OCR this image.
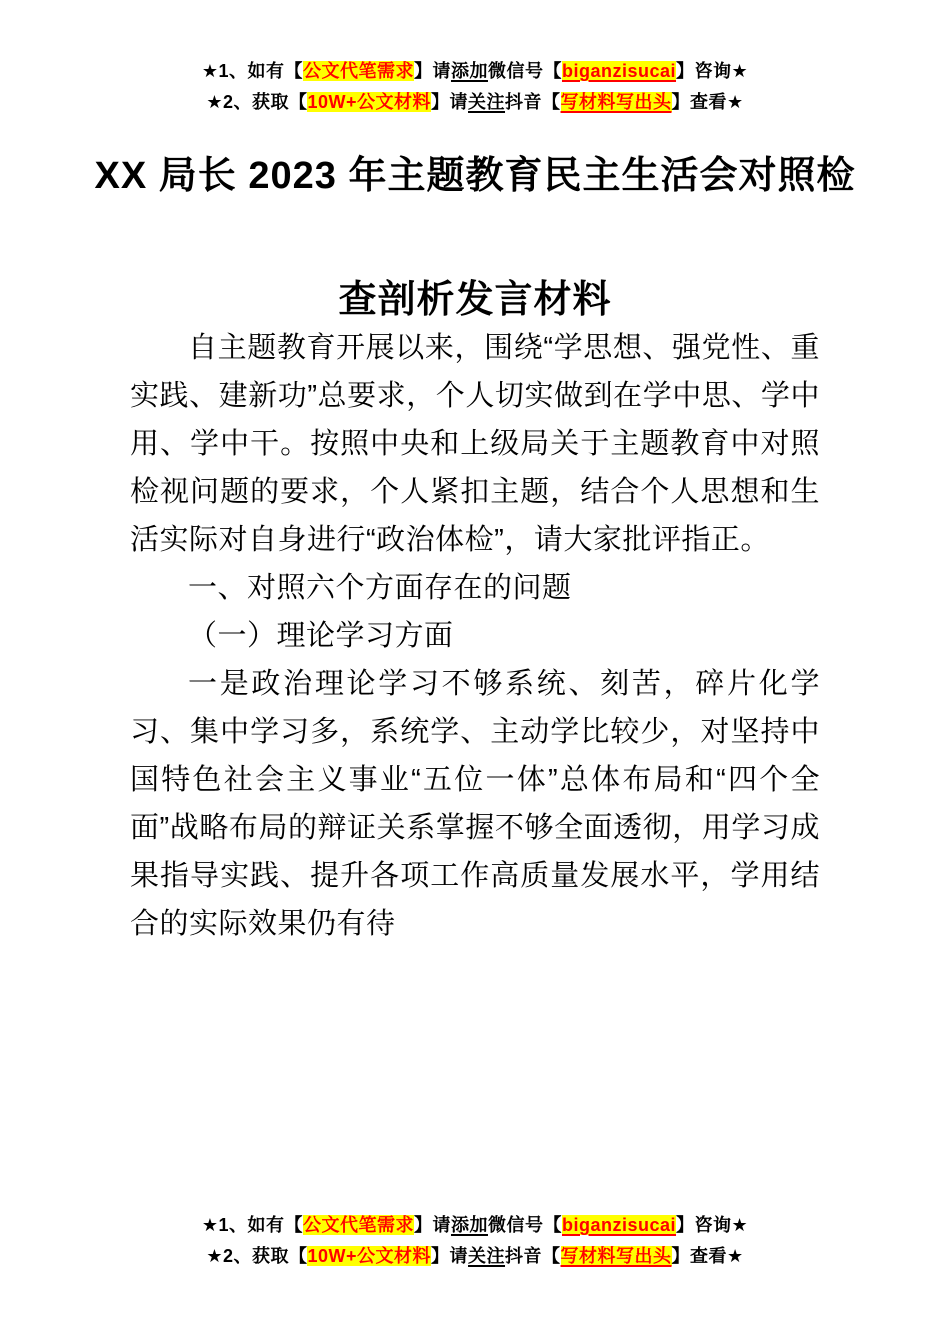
★1、如有【公文代笔需求】请添加微信号【biganzisucai】咨询★
★2、获取【10W+公文材料】请关注抖音【写材料写出头】查看★
XX 局长 2023 年主题教育民主生活会对照检
查剖析发言材料

自主题教育开展以来，围绕“学思想、强党性、重实践、建新功”总要求，个人切实做到在学中思、学中用、学中干。按照中央和上级局关于主题教育中对照检视问题的要求，个人紧扣主题，结合个人思想和生活实际对自身进行“政治体检”，请大家批评指正。

一、对照六个方面存在的问题
（一）理论学习方面

一是政治理论学习不够系统、刻苦，碎片化学习、集中学习多，系统学、主动学比较少，对坚持中国特色社会主义事业“五位一体”总体布局和“四个全面”战略布局的辩证关系掌握不够全面透彻，用学习成果指导实践、提升各项工作高质量发展水平，学用结合的实际效果仍有待

★1、如有【公文代笔需求】请添加微信号【biganzisucai】咨询★
★2、获取【10W+公文材料】请关注抖音【写材料写出头】查看★
